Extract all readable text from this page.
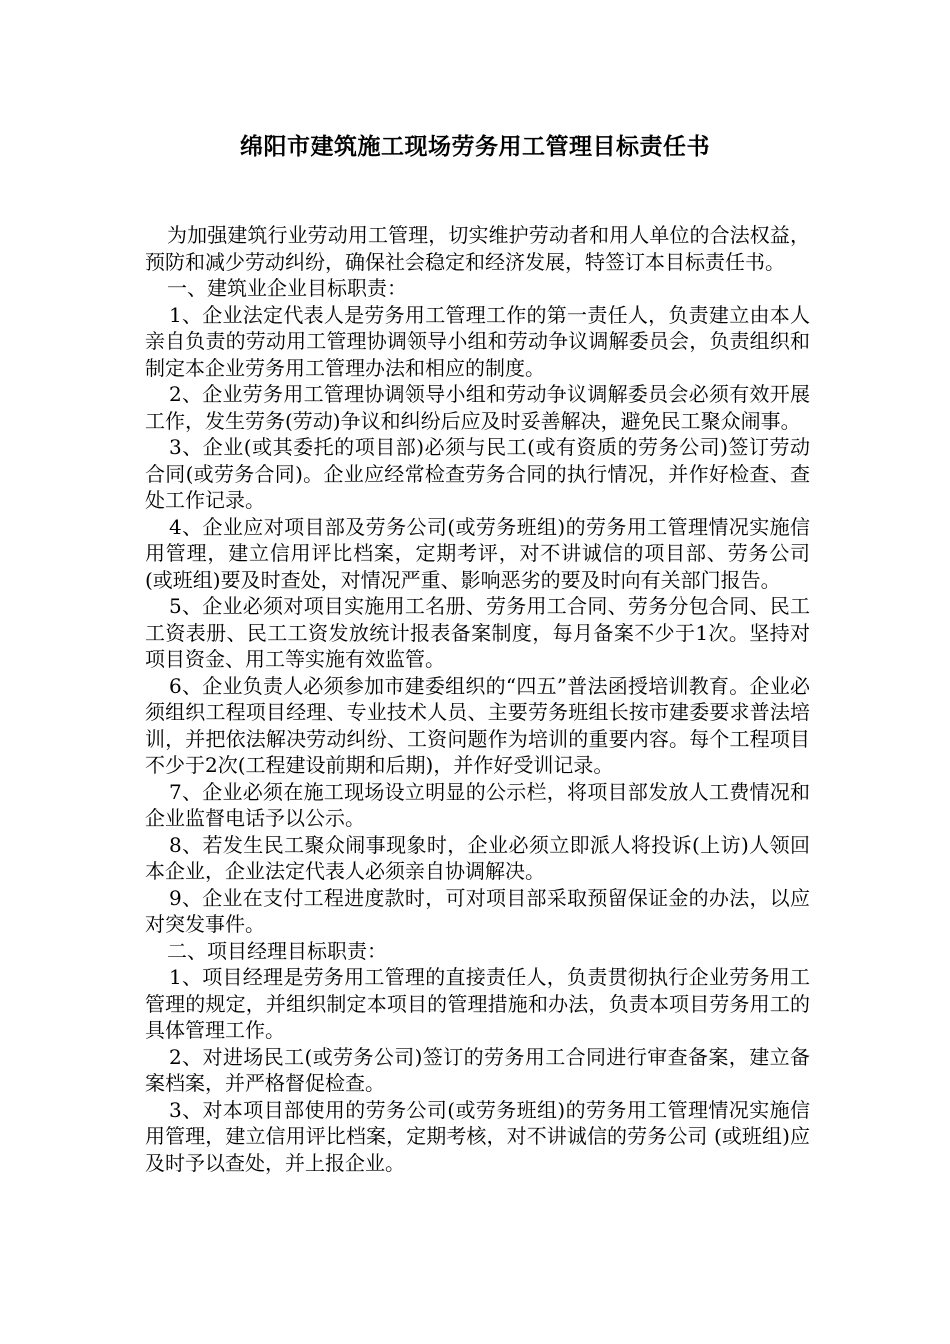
绵阳市建筑施工现场劳务用工管理目标责任书

为加强建筑行业劳动用工管理，切实维护劳动者和用人单位的合法权益，预防和减少劳动纠纷，确保社会稳定和经济发展，特签订本目标责任书。

一、建筑业企业目标职责：

1、企业法定代表人是劳务用工管理工作的第一责任人，负责建立由本人亲自负责的劳动用工管理协调领导小组和劳动争议调解委员会，负责组织和制定本企业劳务用工管理办法和相应的制度。

2、企业劳务用工管理协调领导小组和劳动争议调解委员会必须有效开展工作，发生劳务(劳动)争议和纠纷后应及时妥善解决，避免民工聚众闹事。

3、企业(或其委托的项目部)必须与民工(或有资质的劳务公司)签订劳动合同(或劳务合同)。企业应经常检查劳务合同的执行情况，并作好检查、查处工作记录。

4、企业应对项目部及劳务公司(或劳务班组)的劳务用工管理情况实施信用管理，建立信用评比档案，定期考评，对不讲诚信的项目部、劳务公司(或班组)要及时查处，对情况严重、影响恶劣的要及时向有关部门报告。

5、企业必须对项目实施用工名册、劳务用工合同、劳务分包合同、民工工资表册、民工工资发放统计报表备案制度，每月备案不少于1次。坚持对项目资金、用工等实施有效监管。

6、企业负责人必须参加市建委组织的“四五”普法函授培训教育。企业必须组织工程项目经理、专业技术人员、主要劳务班组长按市建委要求普法培训，并把依法解决劳动纠纷、工资问题作为培训的重要内容。每个工程项目不少于2次(工程建设前期和后期)，并作好受训记录。

7、企业必须在施工现场设立明显的公示栏，将项目部发放人工费情况和企业监督电话予以公示。

8、若发生民工聚众闹事现象时，企业必须立即派人将投诉(上访)人领回本企业，企业法定代表人必须亲自协调解决。

9、企业在支付工程进度款时，可对项目部采取预留保证金的办法，以应对突发事件。

二、项目经理目标职责：

1、项目经理是劳务用工管理的直接责任人，负责贯彻执行企业劳务用工管理的规定，并组织制定本项目的管理措施和办法，负责本项目劳务用工的具体管理工作。

2、对进场民工(或劳务公司)签订的劳务用工合同进行审查备案，建立备案档案，并严格督促检查。

3、对本项目部使用的劳务公司(或劳务班组)的劳务用工管理情况实施信用管理，建立信用评比档案，定期考核，对不讲诚信的劳务公司 (或班组)应及时予以查处，并上报企业。
